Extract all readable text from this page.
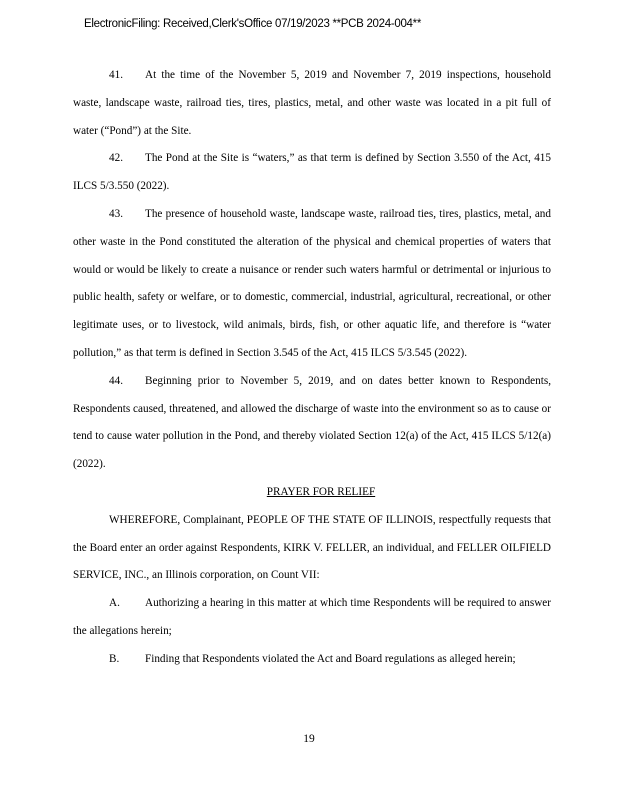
ElectronicFiling: Received,Clerk'sOffice 07/19/2023 **PCB 2024-004**

41. At the time of the November 5, 2019 and November 7, 2019 inspections, household waste, landscape waste, railroad ties, tires, plastics, metal, and other waste was located in a pit full of water (“Pond”) at the Site.

42. The Pond at the Site is “waters,” as that term is defined by Section 3.550 of the Act, 415 ILCS 5/3.550 (2022).

43. The presence of household waste, landscape waste, railroad ties, tires, plastics, metal, and other waste in the Pond constituted the alteration of the physical and chemical properties of waters that would or would be likely to create a nuisance or render such waters harmful or detrimental or injurious to public health, safety or welfare, or to domestic, commercial, industrial, agricultural, recreational, or other legitimate uses, or to livestock, wild animals, birds, fish, or other aquatic life, and therefore is “water pollution,” as that term is defined in Section 3.545 of the Act, 415 ILCS 5/3.545 (2022).

44. Beginning prior to November 5, 2019, and on dates better known to Respondents, Respondents caused, threatened, and allowed the discharge of waste into the environment so as to cause or tend to cause water pollution in the Pond, and thereby violated Section 12(a) of the Act, 415 ILCS 5/12(a) (2022).

PRAYER FOR RELIEF

WHEREFORE, Complainant, PEOPLE OF THE STATE OF ILLINOIS, respectfully requests that the Board enter an order against Respondents, KIRK V. FELLER, an individual, and FELLER OILFIELD SERVICE, INC., an Illinois corporation, on Count VII:

A. Authorizing a hearing in this matter at which time Respondents will be required to answer the allegations herein;

B. Finding that Respondents violated the Act and Board regulations as alleged herein;

19
